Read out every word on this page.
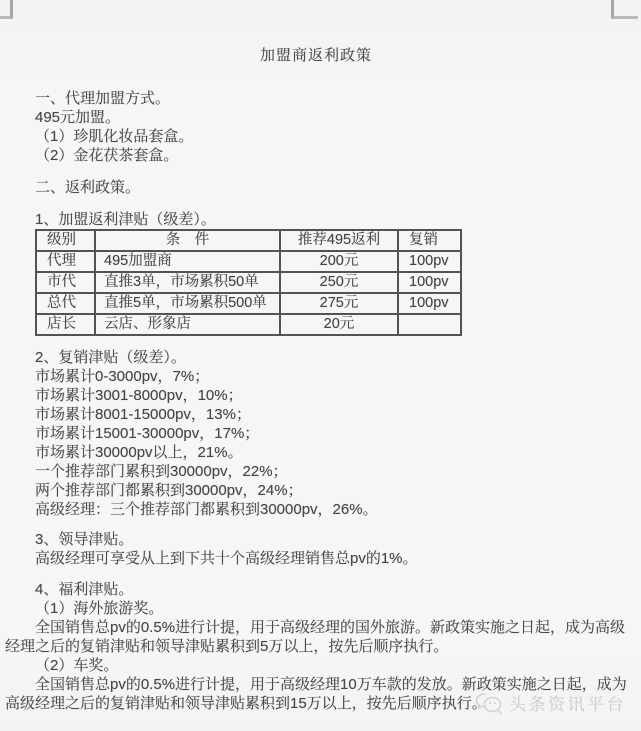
加盟商返利政策
一、代理加盟方式。
495元加盟。
（1）珍肌化妆品套盒。
（2）金花茯茶套盒。
二、返利政策。
1、加盟返利津贴（级差）。
级别	条　件	推荐495返利	复销
代理	495加盟商	200元	100pv
市代	直推3单，市场累积50单	250元	100pv
总代	直推5单，市场累积500单	275元	100pv
店长	云店、形象店	20元	
2、复销津贴（级差）。
市场累计0-3000pv，7%；
市场累计3001-8000pv，10%；
市场累计8001-15000pv，13%；
市场累计15001-30000pv，17%；
市场累计30000pv以上，21%。
一个推荐部门累积到30000pv，22%；
两个推荐部门都累积到30000pv，24%；
高级经理：三个推荐部门都累积到30000pv，26%。
3、领导津贴。
高级经理可享受从上到下共十个高级经理销售总pv的1%。
4、福利津贴。
（1）海外旅游奖。
全国销售总pv的0.5%进行计提，用于高级经理的国外旅游。新政策实施之日起，成为高级经理之后的复销津贴和领导津贴累积到5万以上，按先后顺序执行。
（2）车奖。
全国销售总pv的0.5%进行计提，用于高级经理10万车款的发放。新政策实施之日起，成为高级经理之后的复销津贴和领导津贴累积到15万以上，按先后顺序执行。	头条资讯平台
